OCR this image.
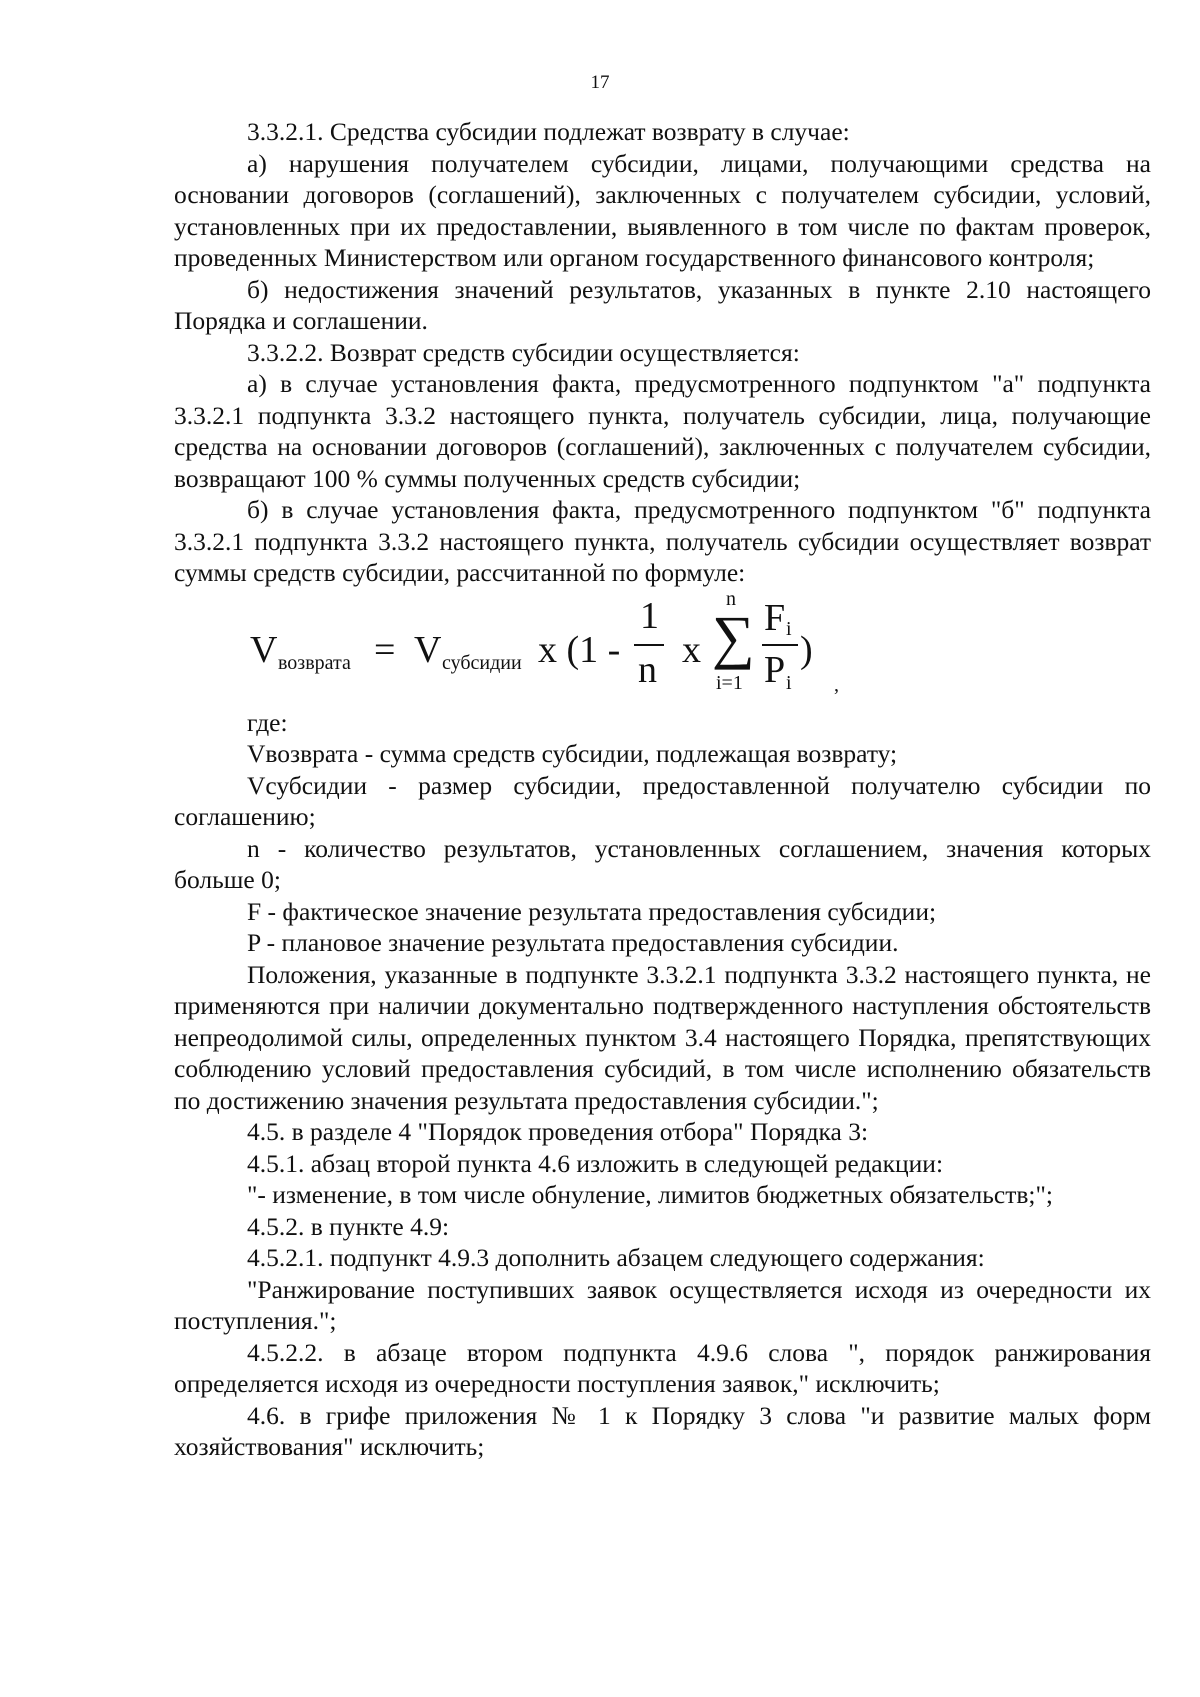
17

3.3.2.1. Средства субсидии подлежат возврату в случае:

а) нарушения получателем субсидии, лицами, получающими средства на основании договоров (соглашений), заключенных с получателем субсидии, условий, установленных при их предоставлении, выявленного в том числе по фактам проверок, проведенных Министерством или органом государственного финансового контроля;

б) недостижения значений результатов, указанных в пункте 2.10 настоящего Порядка и соглашении.

3.3.2.2. Возврат средств субсидии осуществляется:

а) в случае установления факта, предусмотренного подпунктом "а" подпункта 3.3.2.1 подпункта 3.3.2 настоящего пункта, получатель субсидии, лица, получающие средства на основании договоров (соглашений), заключенных с получателем субсидии, возвращают 100 % суммы полученных средств субсидии;

б) в случае установления факта, предусмотренного подпунктом "б" подпункта 3.3.2.1 подпункта 3.3.2 настоящего пункта, получатель субсидии осуществляет возврат суммы средств субсидии, рассчитанной по формуле:

V возврата = V субсидии x (1 -
1
n x
n
∑
i=1
F i
P i
)
,

где:

Vвозврата - сумма средств субсидии, подлежащая возврату;

Vсубсидии - размер субсидии, предоставленной получателю субсидии по соглашению;

n - количество результатов, установленных соглашением, значения которых больше 0;

F - фактическое значение результата предоставления субсидии;

P - плановое значение результата предоставления субсидии.

Положения, указанные в подпункте 3.3.2.1 подпункта 3.3.2 настоящего пункта, не применяются при наличии документально подтвержденного наступления обстоятельств непреодолимой силы, определенных пунктом 3.4 настоящего Порядка, препятствующих соблюдению условий предоставления субсидий, в том числе исполнению обязательств по достижению значения результата предоставления субсидии.";

4.5. в разделе 4 "Порядок проведения отбора" Порядка 3:

4.5.1. абзац второй пункта 4.6 изложить в следующей редакции:

"- изменение, в том числе обнуление, лимитов бюджетных обязательств;";

4.5.2. в пункте 4.9:

4.5.2.1. подпункт 4.9.3 дополнить абзацем следующего содержания:

"Ранжирование поступивших заявок осуществляется исходя из очередности их поступления.";

4.5.2.2. в абзаце втором подпункта 4.9.6 слова ", порядок ранжирования определяется исходя из очередности поступления заявок," исключить;

4.6. в грифе приложения № 1 к Порядку 3 слова "и развитие малых форм хозяйствования" исключить;
